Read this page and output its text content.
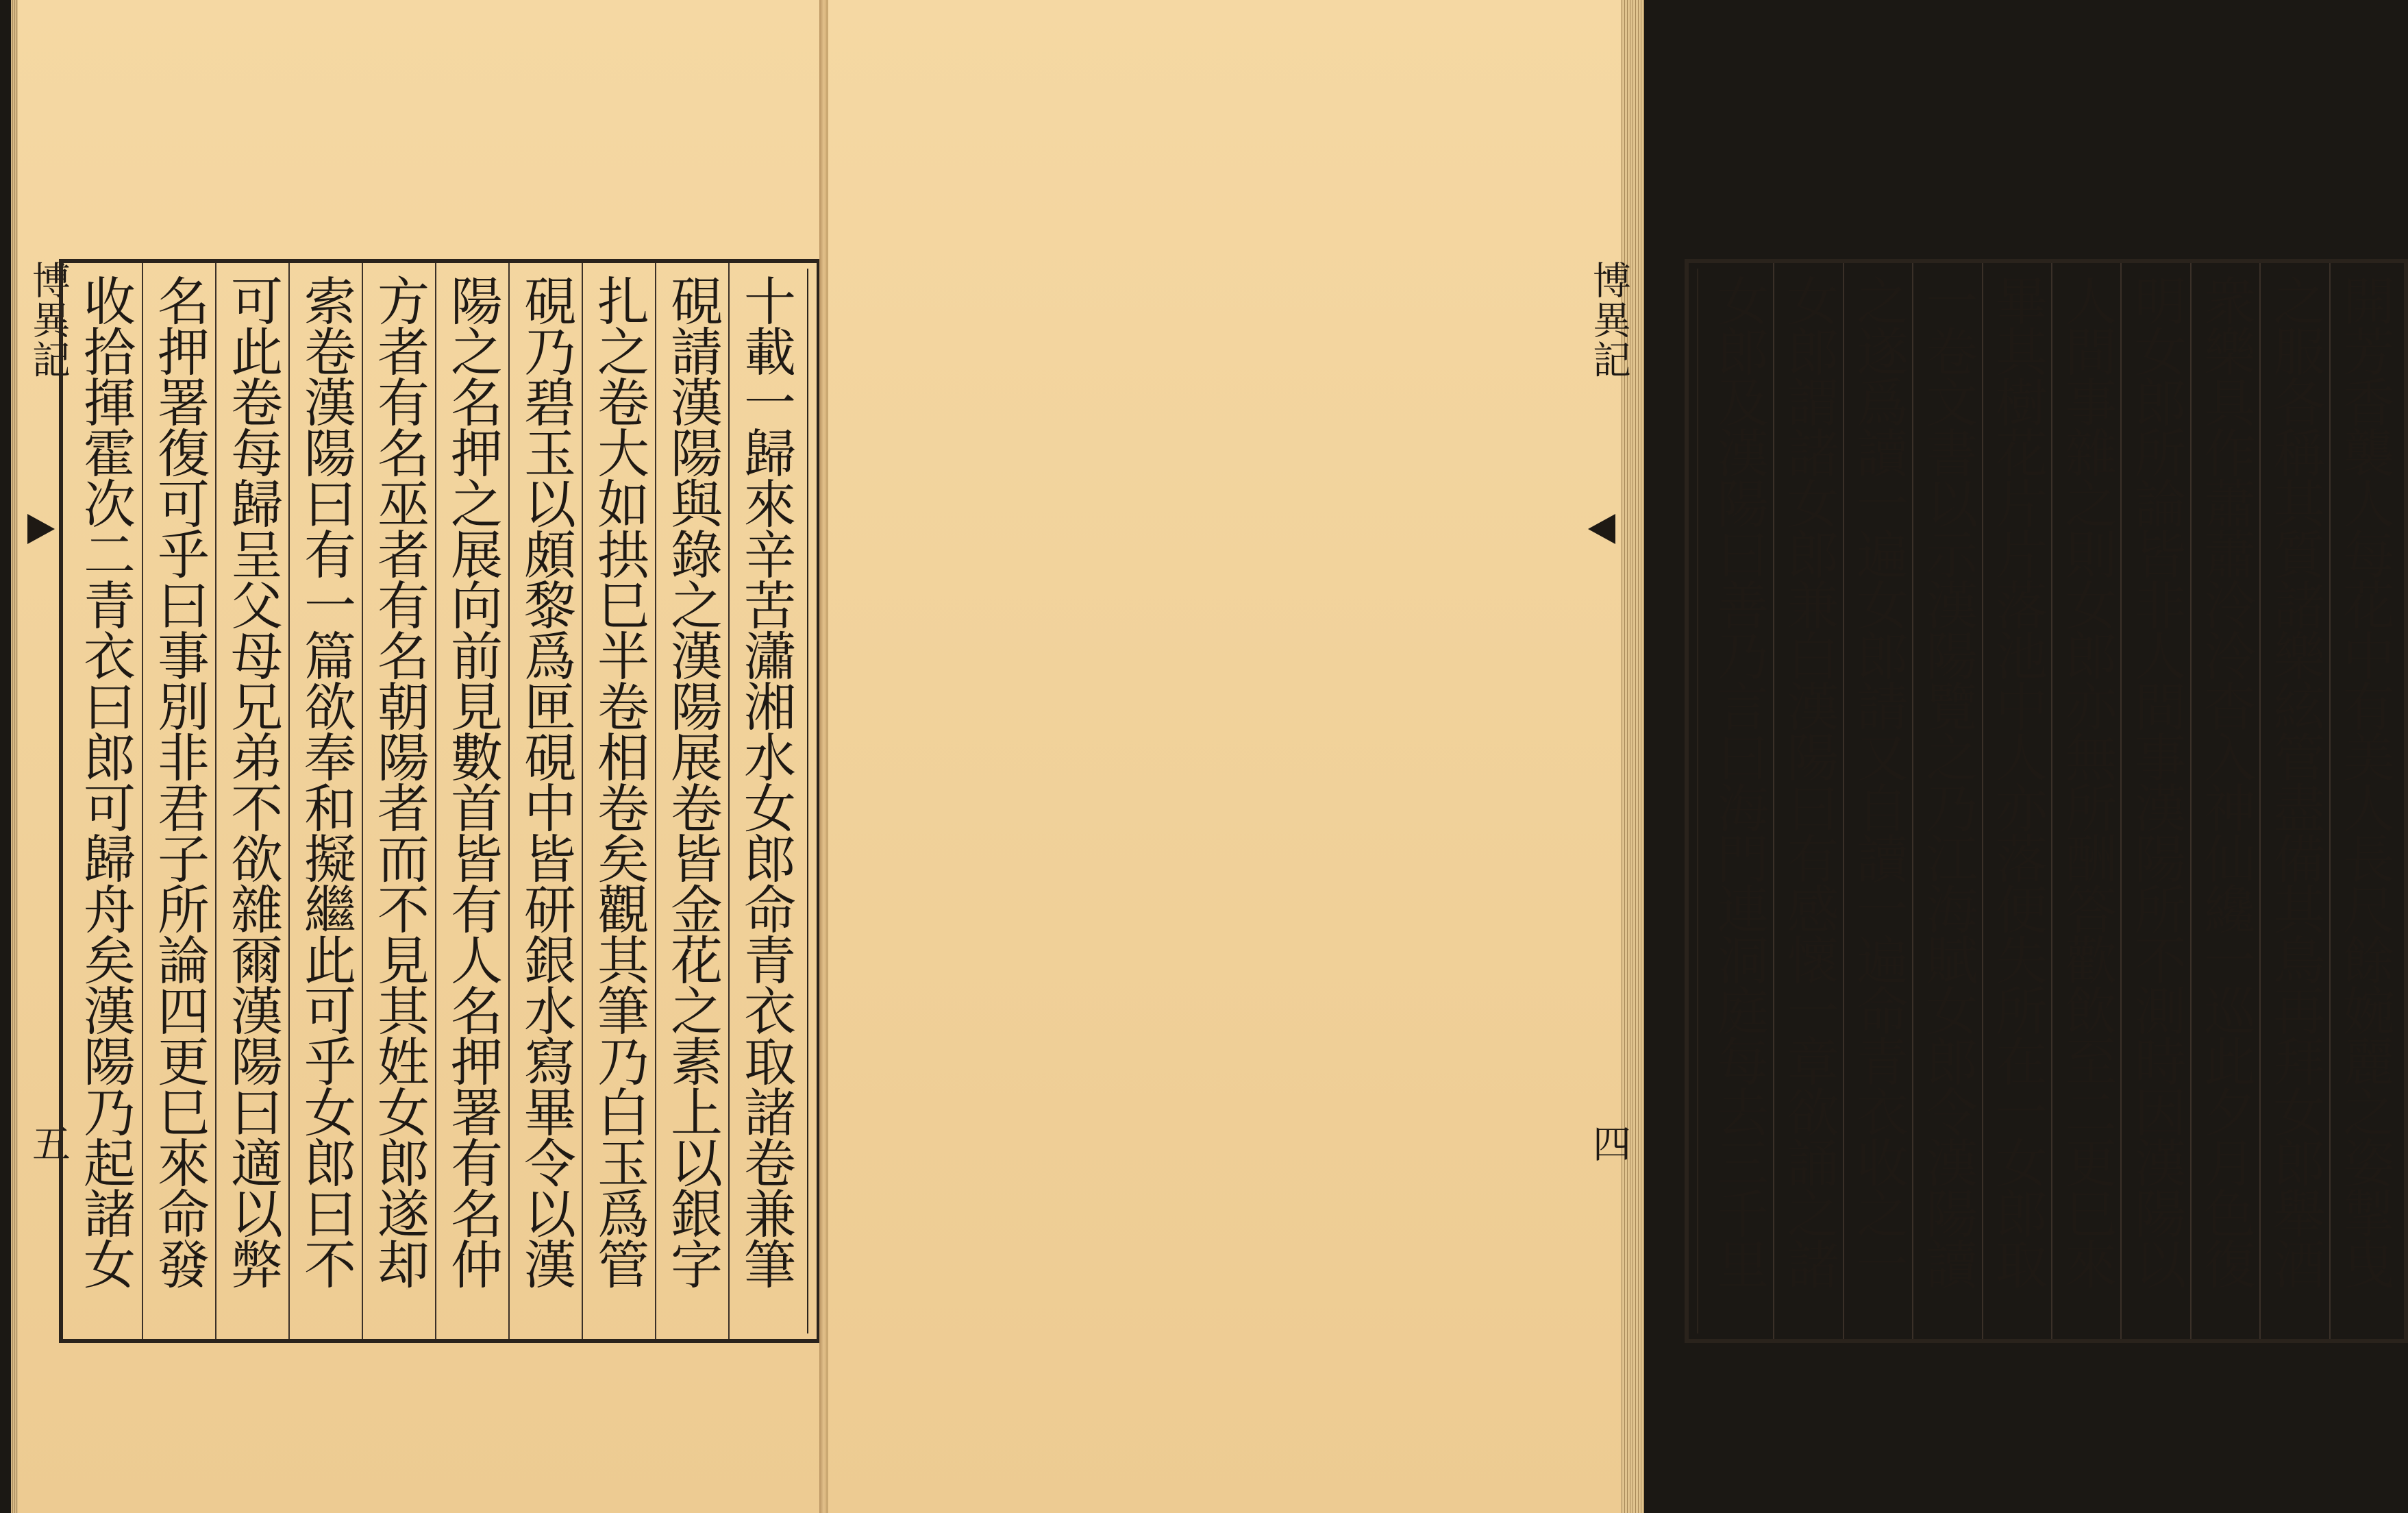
博異記
五	十載一歸來辛苦瀟湘水女郎命青衣取諸卷兼筆
硯請漢陽與錄之漢陽展卷皆金花之素上以銀字
扎之卷大如拱巳半卷相卷矣觀其筆乃白玉爲管
硯乃碧玉以頗黎爲匣硯中皆研銀水寫畢令以漢
陽之名押之展向前見數首皆有人名押署有名仲
方者有名巫者有名朝陽者而不見其姓女郎遂却
索卷漢陽曰有一篇欲奉和擬繼此可乎女郎曰不
可此卷每歸呈父母兄弟不欲雜爾漢陽曰適以弊
名押署復可乎曰事別非君子所論四更巳來命發
收拾揮霍次二青衣曰郎可歸舟矣漢陽乃起諸女	開芳香襲人每花中有美人長尺餘婉麗之姿掣曳
之服各稱其質諸樂絃管盡備其鳥再拜女郎舉酒
衆樂具作蕭蕭泠泠杳入神仙纔一巡此夕月色復
明女郎所論皆非人間事漢陽所不測時因漢陽以
人間事雜之則女郎亦無所酬答歡飲至二更巳來
畢其樹花片片落池中人亦落便失所在一女郎取
一卷文書以示漢陽覽之乃江海賦女郎令漢陽讀
之遂爲讀一遍女郎請又自讀一遍命青衣收之一
女郎謂諸女郎兼白漢陽曰有感懷一章欲誦之諸
女郎及漢陽曰善乃言曰海門連洞庭每去三千里
博異記
四
